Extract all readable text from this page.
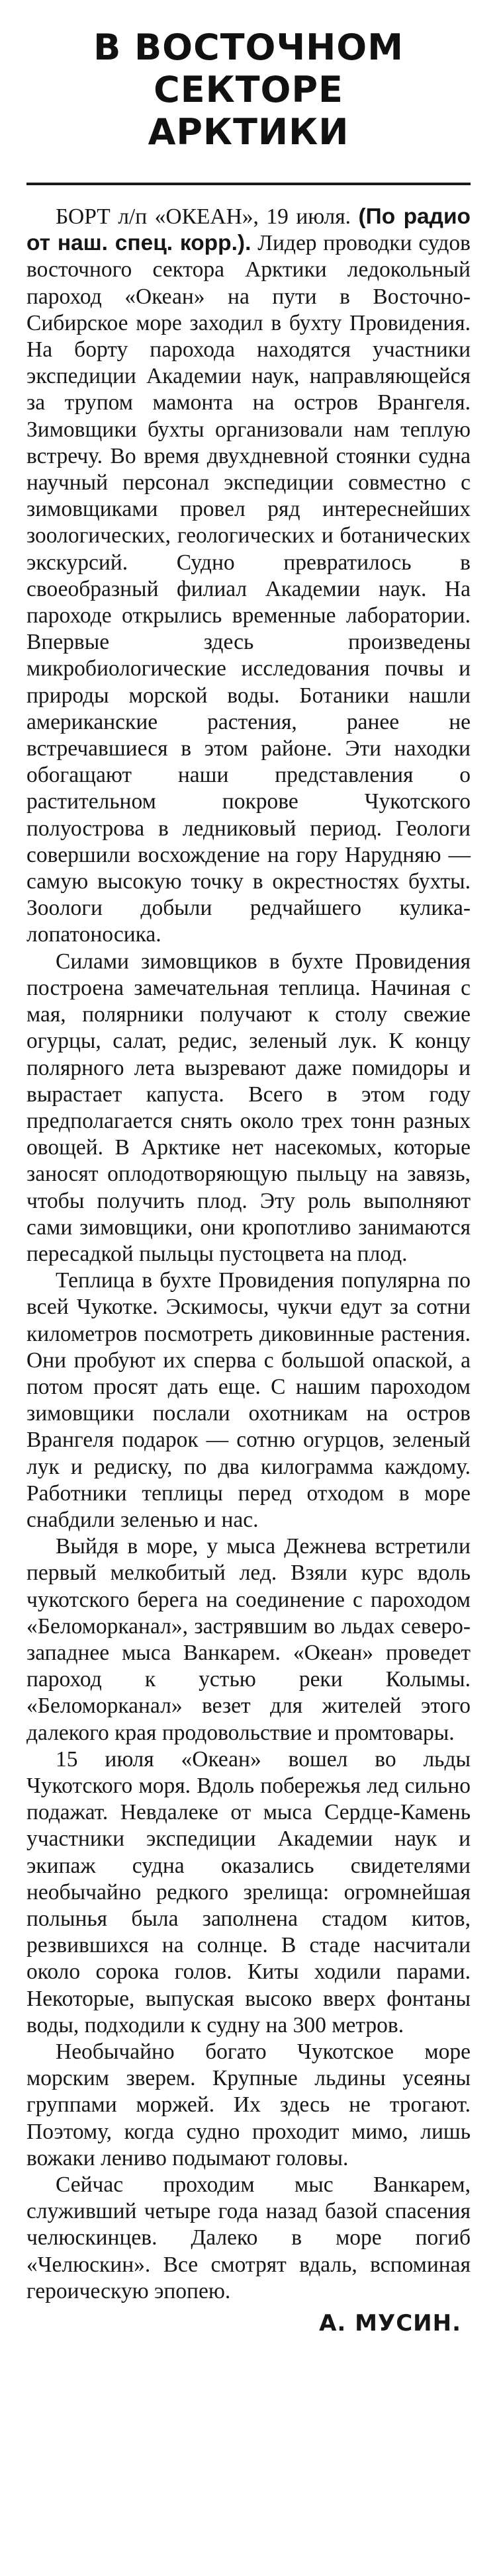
В ВОСТОЧНОМ
СЕКТОРЕ
АРКТИКИ

БОРТ л/п «ОКЕАН», 19 июля. (По радио от наш. спец. корр.). Лидер проводки судов восточного сектора Арктики ледокольный пароход «Океан» на пути в Восточно-Сибирское море заходил в бухту Провидения. На борту парохода находятся участники экспедиции Академии наук, направляющейся за трупом мамонта на остров Врангеля. Зимовщики бухты организовали нам теплую встречу. Во время двухдневной стоянки судна научный персонал экспедиции совместно с зимовщиками провел ряд интереснейших зоологических, геологических и ботанических экскурсий. Судно превратилось в своеобразный филиал Академии наук. На пароходе открылись временные лаборатории. Впервые здесь произведены микробиологические исследования почвы и природы морской воды. Ботаники нашли американские растения, ранее не встречавшиеся в этом районе. Эти находки обогащают наши представления о растительном покрове Чукотского полуострова в ледниковый период. Геологи совершили восхождение на гору Нарудняю — самую высокую точку в окрестностях бухты. Зоологи добыли редчайшего кулика-лопатоносика.

Силами зимовщиков в бухте Провидения построена замечательная теплица. Начиная с мая, полярники получают к столу свежие огурцы, салат, редис, зеленый лук. К концу полярного лета вызревают даже помидоры и вырастает капуста. Всего в этом году предполагается снять около трех тонн разных овощей. В Арктике нет насекомых, которые заносят оплодотворяющую пыльцу на завязь, чтобы получить плод. Эту роль выполняют сами зимовщики, они кропотливо занимаются пересадкой пыльцы пустоцвета на плод.

Теплица в бухте Провидения популярна по всей Чукотке. Эскимосы, чукчи едут за сотни километров посмотреть диковинные растения. Они пробуют их сперва с большой опаской, а потом просят дать еще. С нашим пароходом зимовщики послали охотникам на остров Врангеля подарок — сотню огурцов, зеленый лук и редиску, по два килограмма каждому. Работники теплицы перед отходом в море снабдили зеленью и нас.

Выйдя в море, у мыса Дежнева встретили первый мелкобитый лед. Взяли курс вдоль чукотского берега на соединение с пароходом «Беломорканал», застрявшим во льдах северо-западнее мыса Ванкарем. «Океан» проведет пароход к устью реки Колымы. «Беломорканал» везет для жителей этого далекого края продовольствие и промтовары.

15 июля «Океан» вошел во льды Чукотского моря. Вдоль побережья лед сильно подажат. Невдалеке от мыса Сердце-Камень участники экспедиции Академии наук и экипаж судна оказались свидетелями необычайно редкого зрелища: огромнейшая полынья была заполнена стадом китов, резвившихся на солнце. В стаде насчитали около сорока голов. Киты ходили парами. Некоторые, выпуская высоко вверх фонтаны воды, подходили к судну на 300 метров.

Необычайно богато Чукотское море морским зверем. Крупные льдины усеяны группами моржей. Их здесь не трогают. Поэтому, когда судно проходит мимо, лишь вожаки лениво подымают головы.

Сейчас проходим мыс Ванкарем, служивший четыре года назад базой спасения челюскинцев. Далеко в море погиб «Челюскин». Все смотрят вдаль, вспоминая героическую эпопею.

А. МУСИН.
